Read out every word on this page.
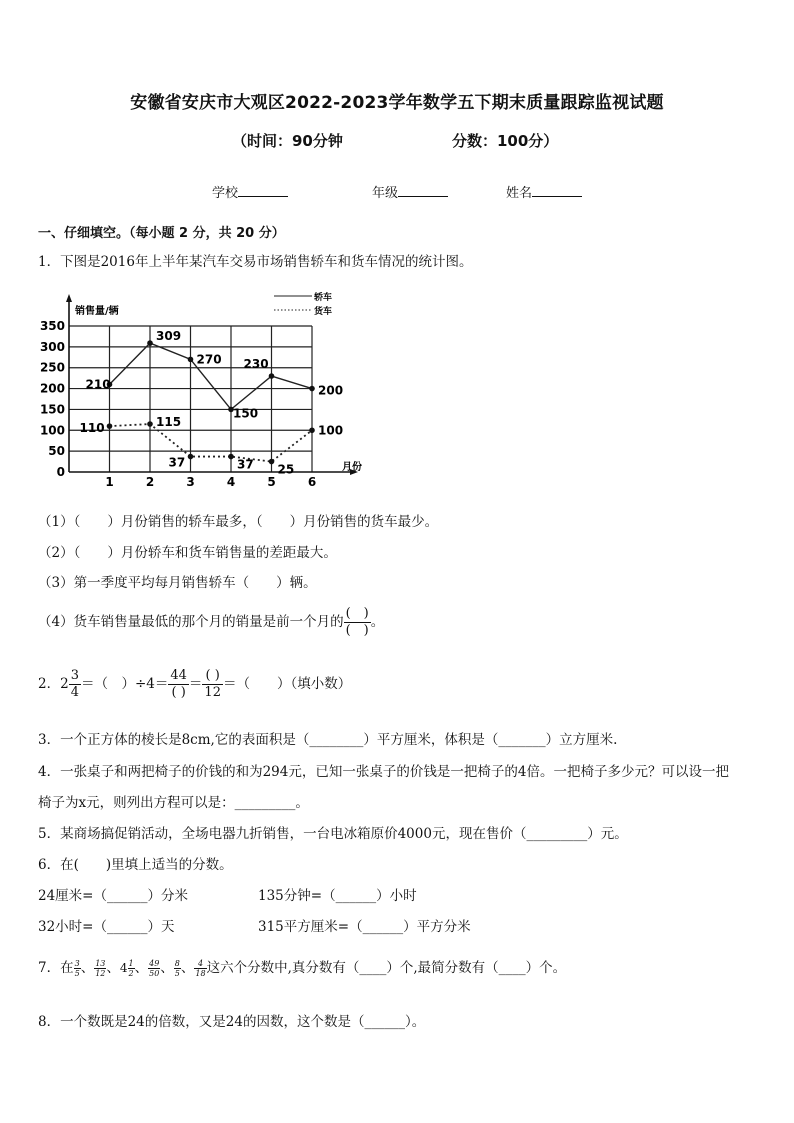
安徽省安庆市大观区2022-2023学年数学五下期末质量跟踪监视试题
（时间：90分钟	分数：100分）
学校	年级	姓名
一、仔细填空。（每小题 2 分，共 20 分）
1．下图是2016年上半年某汽车交易市场销售轿车和货车情况的统计图。
0
50
100
150
200
250
300
350
1	2	3	4	5	6
210
309
270
150
230
200
110	115
37	37 25
100
轿车
货车
销售量/辆
月份
（1）（　　）月份销售的轿车最多，（　　）月份销售的货车最少。
（2）（　　）月份轿车和货车销售量的差距最大。
（3）第一季度平均每月销售轿车（　　）辆。
（4）货车销售量最低的那个月的销量是前一个月的 $\frac{( )}{( )}$ 。
2．$2 \frac{3}{4}$ ＝（　）$\div 4= \frac{44}{( )} = \frac{( )}{12}$ ＝（　　）（填小数）
3．一个正方体的棱长是8cm,它的表面积是（________）平方厘米，体积是（_______）立方厘米.
4．一张桌子和两把椅子的价钱的和为294元，已知一张桌子的价钱是一把椅子的4倍。一把椅子多少元？可以设一把
椅子为x元，则列出方程可以是：_________。
5．某商场搞促销活动，全场电器九折销售，一台电冰箱原价4000元，现在售价（_________）元。
6．在(　　)里填上适当的分数。
24厘米=（______）分米	135分钟=（______）小时
32小时=（______）天	315平方厘米=（______）平方分米
7．在 $\frac{3}{5}$ 、 $\frac{13}{12}$ 、$4 \frac{1}{2}$ 、 $\frac{49}{50}$ 、 $\frac{8}{5}$ 、 $\frac{4}{18}$ 这六个分数中,真分数有（____）个,最简分数有（____）个。
8．一个数既是24的倍数，又是24的因数，这个数是（______）。
